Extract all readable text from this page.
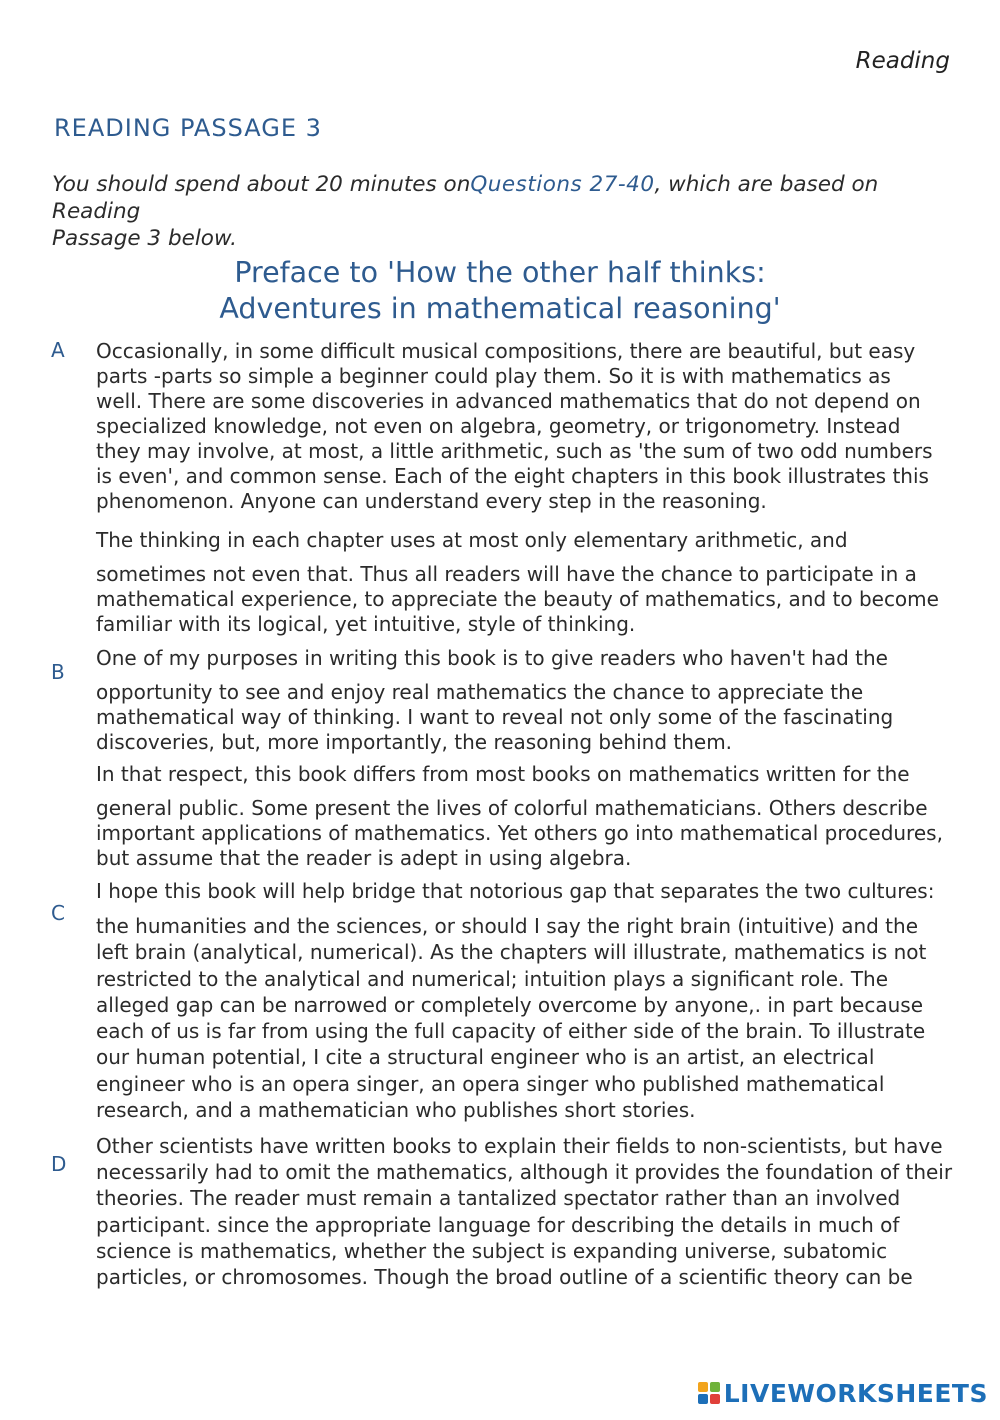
Reading
READING PASSAGE 3
You should spend about 20 minutes onQuestions 27-40, which are based on Reading
Passage 3 below.
Preface to 'How the other half thinks:
Adventures in mathematical reasoning'
A Occasionally, in some difficult musical compositions, there are beautiful, but easy
parts -parts so simple a beginner could play them. So it is with mathematics as
well. There are some discoveries in advanced mathematics that do not depend on
specialized knowledge, not even on algebra, geometry, or trigonometry. Instead
they may involve, at most, a little arithmetic, such as 'the sum of two odd numbers
is even', and common sense. Each of the eight chapters in this book illustrates this
phenomenon. Anyone can understand every step in the reasoning.
The thinking in each chapter uses at most only elementary arithmetic, and
sometimes not even that. Thus all readers will have the chance to participate in a
mathematical experience, to appreciate the beauty of mathematics, and to become
familiar with its logical, yet intuitive, style of thinking.
B
One of my purposes in writing this book is to give readers who haven't had the
opportunity to see and enjoy real mathematics the chance to appreciate the
mathematical way of thinking. I want to reveal not only some of the fascinating
discoveries, but, more importantly, the reasoning behind them.
In that respect, this book differs from most books on mathematics written for the
general public. Some present the lives of colorful mathematicians. Others describe
important applications of mathematics. Yet others go into mathematical procedures,
but assume that the reader is adept in using algebra.
C
I hope this book will help bridge that notorious gap that separates the two cultures:
the humanities and the sciences, or should I say the right brain (intuitive) and the
left brain (analytical, numerical). As the chapters will illustrate, mathematics is not
restricted to the analytical and numerical; intuition plays a significant role. The
alleged gap can be narrowed or completely overcome by anyone,. in part because
each of us is far from using the full capacity of either side of the brain. To illustrate
our human potential, I cite a structural engineer who is an artist, an electrical
engineer who is an opera singer, an opera singer who published mathematical
research, and a mathematician who publishes short stories.
D
Other scientists have written books to explain their fields to non-scientists, but have
necessarily had to omit the mathematics, although it provides the foundation of their
theories. The reader must remain a tantalized spectator rather than an involved
participant. since the appropriate language for describing the details in much of
science is mathematics, whether the subject is expanding universe, subatomic
particles, or chromosomes. Though the broad outline of a scientific theory can be
LIVEWORKSHEETS
